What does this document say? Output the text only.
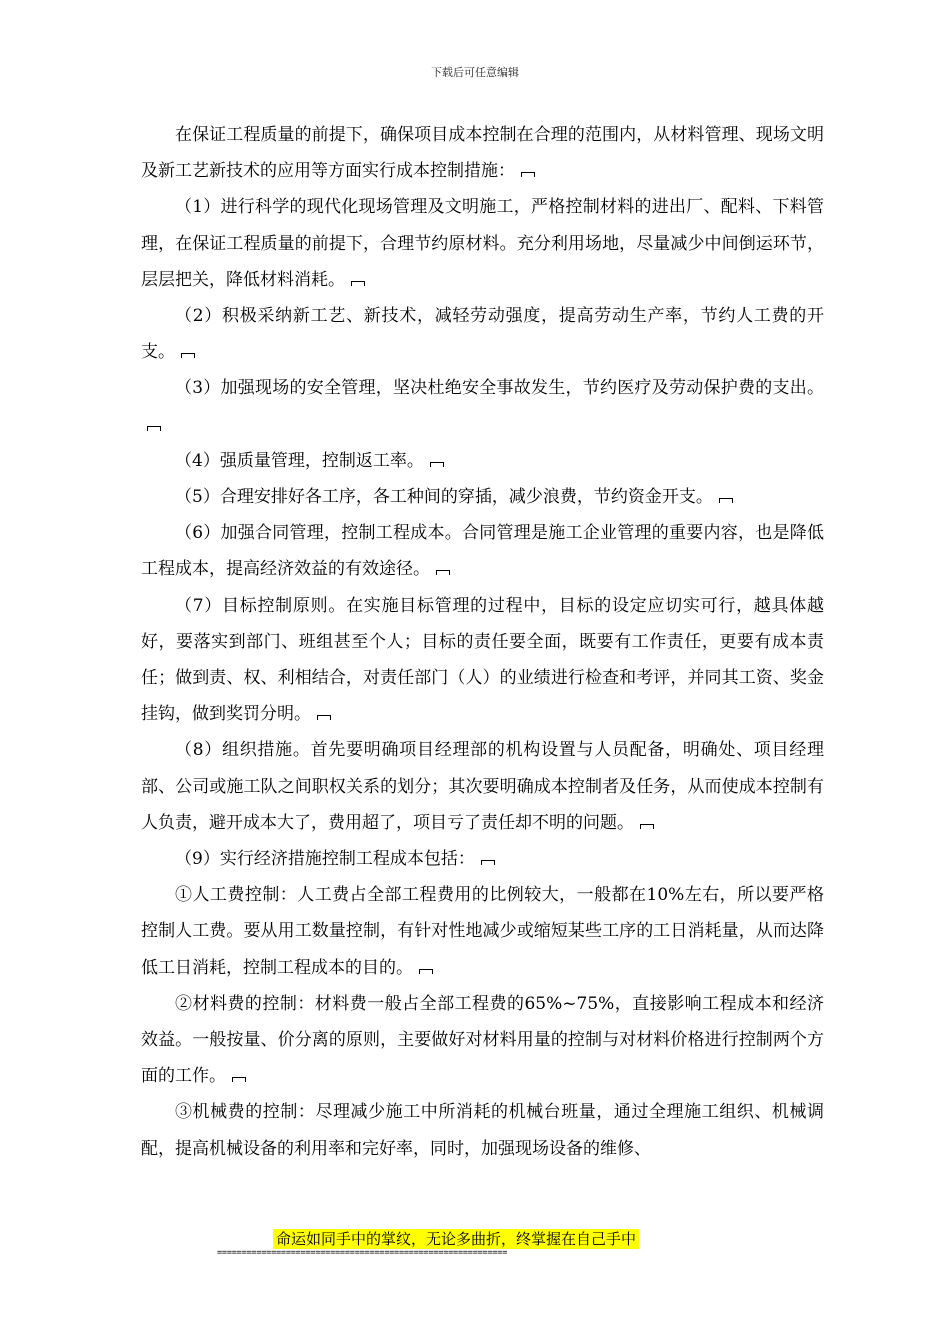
下载后可任意编辑

在保证工程质量的前提下，确保项目成本控制在合理的范围内，从材料管理、现场文明及新工艺新技术的应用等方面实行成本控制措施：

（1）进行科学的现代化现场管理及文明施工，严格控制材料的进出厂、配料、下料管理，在保证工程质量的前提下，合理节约原材料。充分利用场地，尽量减少中间倒运环节，层层把关，降低材料消耗。

（2）积极采纳新工艺、新技术，减轻劳动强度，提高劳动生产率，节约人工费的开支。

（3）加强现场的安全管理，坚决杜绝安全事故发生，节约医疗及劳动保护费的支出。

（4）强质量管理，控制返工率。

（5）合理安排好各工序，各工种间的穿插，减少浪费，节约资金开支。

（6）加强合同管理，控制工程成本。合同管理是施工企业管理的重要内容，也是降低工程成本，提高经济效益的有效途径。

（7）目标控制原则。在实施目标管理的过程中，目标的设定应切实可行，越具体越好，要落实到部门、班组甚至个人；目标的责任要全面，既要有工作责任，更要有成本责任；做到责、权、利相结合，对责任部门（人）的业绩进行检查和考评，并同其工资、奖金挂钩，做到奖罚分明。

（8）组织措施。首先要明确项目经理部的机构设置与人员配备，明确处、项目经理部、公司或施工队之间职权关系的划分；其次要明确成本控制者及任务，从而使成本控制有人负责，避开成本大了，费用超了，项目亏了责任却不明的问题。

（9）实行经济措施控制工程成本包括：

①人工费控制：人工费占全部工程费用的比例较大，一般都在10%左右，所以要严格控制人工费。要从用工数量控制，有针对性地减少或缩短某些工序的工日消耗量，从而达降低工日消耗，控制工程成本的目的。

②材料费的控制：材料费一般占全部工程费的65%~75%，直接影响工程成本和经济效益。一般按量、价分离的原则，主要做好对材料用量的控制与对材料价格进行控制两个方面的工作。

③机械费的控制：尽理减少施工中所消耗的机械台班量，通过全理施工组织、机械调配，提高机械设备的利用率和完好率，同时，加强现场设备的维修、

命运如同手中的掌纹，无论多曲折，终掌握在自己手中
===========================================================
